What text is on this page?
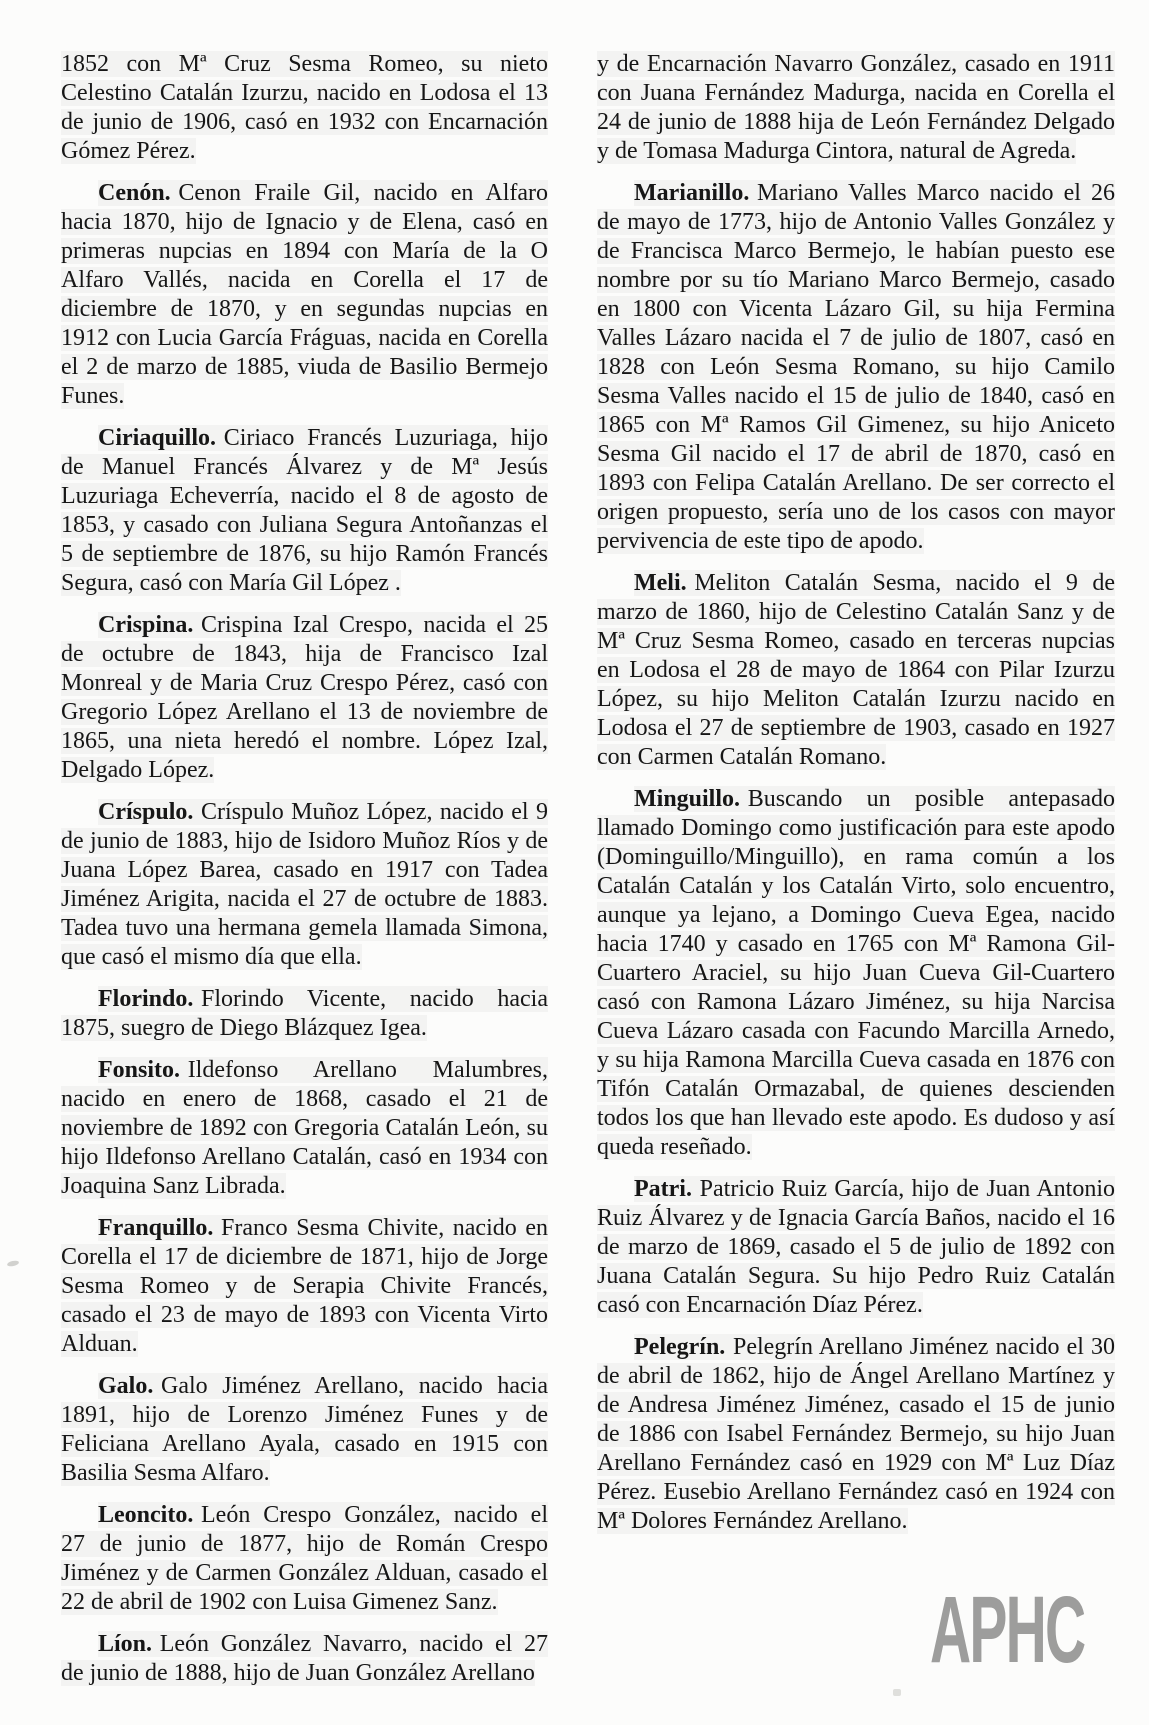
1852 con Mª Cruz Sesma Romeo, su nieto Celestino Catalán Izurzu, nacido en Lodosa el 13 de junio de 1906, casó en 1932 con Encarnación Gómez Pérez.

Cenón. Cenon Fraile Gil, nacido en Alfaro hacia 1870, hijo de Ignacio y de Elena, casó en primeras nupcias en 1894 con María de la O Alfaro Vallés, nacida en Corella el 17 de diciembre de 1870, y en segundas nupcias en 1912 con Lucia García Fráguas, nacida en Corella el 2 de marzo de 1885, viuda de Basilio Bermejo Funes.

Ciriaquillo. Ciriaco Francés Luzuriaga, hijo de Manuel Francés Álvarez y de Mª Jesús Luzuriaga Echeverría, nacido el 8 de agosto de 1853, y casado con Juliana Segura Antoñanzas el 5 de septiembre de 1876, su hijo Ramón Francés Segura, casó con María Gil López .

Crispina. Crispina Izal Crespo, nacida el 25 de octubre de 1843, hija de Francisco Izal Monreal y de Maria Cruz Crespo Pérez, casó con Gregorio López Arellano el 13 de noviembre de 1865, una nieta heredó el nombre. López Izal, Delgado López.

Críspulo. Críspulo Muñoz López, nacido el 9 de junio de 1883, hijo de Isidoro Muñoz Ríos y de Juana López Barea, casado en 1917 con Tadea Jiménez Arigita, nacida el 27 de octubre de 1883. Tadea tuvo una hermana gemela llamada Simona, que casó el mismo día que ella.

Florindo. Florindo Vicente, nacido hacia 1875, suegro de Diego Blázquez Igea.

Fonsito. Ildefonso Arellano Malumbres, nacido en enero de 1868, casado el 21 de noviembre de 1892 con Gregoria Catalán León, su hijo Ildefonso Arellano Catalán, casó en 1934 con Joaquina Sanz Librada.

Franquillo. Franco Sesma Chivite, nacido en Corella el 17 de diciembre de 1871, hijo de Jorge Sesma Romeo y de Serapia Chivite Francés, casado el 23 de mayo de 1893 con Vicenta Virto Alduan.

Galo. Galo Jiménez Arellano, nacido hacia 1891, hijo de Lorenzo Jiménez Funes y de Feliciana Arellano Ayala, casado en 1915 con Basilia Sesma Alfaro.

Leoncito. León Crespo González, nacido el 27 de junio de 1877, hijo de Román Crespo Jiménez y de Carmen González Alduan, casado el 22 de abril de 1902 con Luisa Gimenez Sanz.

Líon. León González Navarro, nacido el 27 de junio de 1888, hijo de Juan González Arellano

y de Encarnación Navarro González, casado en 1911 con Juana Fernández Madurga, nacida en Corella el 24 de junio de 1888 hija de León Fernández Delgado y de Tomasa Madurga Cintora, natural de Agreda.

Marianillo. Mariano Valles Marco nacido el 26 de mayo de 1773, hijo de Antonio Valles González y de Francisca Marco Bermejo, le habían puesto ese nombre por su tío Mariano Marco Bermejo, casado en 1800 con Vicenta Lázaro Gil, su hija Fermina Valles Lázaro nacida el 7 de julio de 1807, casó en 1828 con León Sesma Romano, su hijo Camilo Sesma Valles nacido el 15 de julio de 1840, casó en 1865 con Mª Ramos Gil Gimenez, su hijo Aniceto Sesma Gil nacido el 17 de abril de 1870, casó en 1893 con Felipa Catalán Arellano. De ser correcto el origen propuesto, sería uno de los casos con mayor pervivencia de este tipo de apodo.

Meli. Meliton Catalán Sesma, nacido el 9 de marzo de 1860, hijo de Celestino Catalán Sanz y de Mª Cruz Sesma Romeo, casado en terceras nupcias en Lodosa el 28 de mayo de 1864 con Pilar Izurzu López, su hijo Meliton Catalán Izurzu nacido en Lodosa el 27 de septiembre de 1903, casado en 1927 con Carmen Catalán Romano.

Minguillo. Buscando un posible antepasado llamado Domingo como justificación para este apodo (Dominguillo/Minguillo), en rama común a los Catalán Catalán y los Catalán Virto, solo encuentro, aunque ya lejano, a Domingo Cueva Egea, nacido hacia 1740 y casado en 1765 con Mª Ramona Gil-Cuartero Araciel, su hijo Juan Cueva Gil-Cuartero casó con Ramona Lázaro Jiménez, su hija Narcisa Cueva Lázaro casada con Facundo Marcilla Arnedo, y su hija Ramona Marcilla Cueva casada en 1876 con Tifón Catalán Ormazabal, de quienes descienden todos los que han llevado este apodo. Es dudoso y así queda reseñado.

Patri. Patricio Ruiz García, hijo de Juan Antonio Ruiz Álvarez y de Ignacia García Baños, nacido el 16 de marzo de 1869, casado el 5 de julio de 1892 con Juana Catalán Segura. Su hijo Pedro Ruiz Catalán casó con Encarnación Díaz Pérez.

Pelegrín. Pelegrín Arellano Jiménez nacido el 30 de abril de 1862, hijo de Ángel Arellano Martínez y de Andresa Jiménez Jiménez, casado el 15 de junio de 1886 con Isabel Fernández Bermejo, su hijo Juan Arellano Fernández casó en 1929 con Mª Luz Díaz Pérez. Eusebio Arellano Fernández casó en 1924 con Mª Dolores Fernández Arellano.

APHC
